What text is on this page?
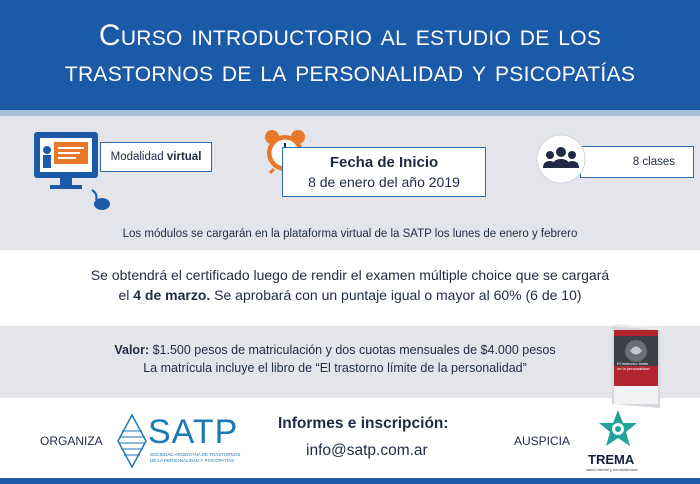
Curso introductorio al estudio de los
trastornos de la personalidad y psicopatías
Modalidad virtual	Fecha de Inicio
8 de enero del año 2019
8 clases
Los módulos se cargarán en la plataforma virtual de la SATP los lunes de enero y febrero
Se obtendrá el certificado luego de rendir el examen múltiple choice que se cargará
el 4 de marzo. Se aprobará con un puntaje igual o mayor al 60% (6 de 10)
Valor: $1.500 pesos de matriculación y dos cuotas mensuales de $4.000 pesos
La matrícula incluye el libro de “El trastorno límite de la personalidad”	El trastorno límite de la personalidad
ORGANIZA SATP
SOCIEDAD ARGENTINA DE TRASTORNOS DE LA PERSONALIDAD Y PSICOPATÍAS
Informes e inscripción:
info@satp.com.ar
AUSPICIA
TREMA
salud mental y neurociencias
